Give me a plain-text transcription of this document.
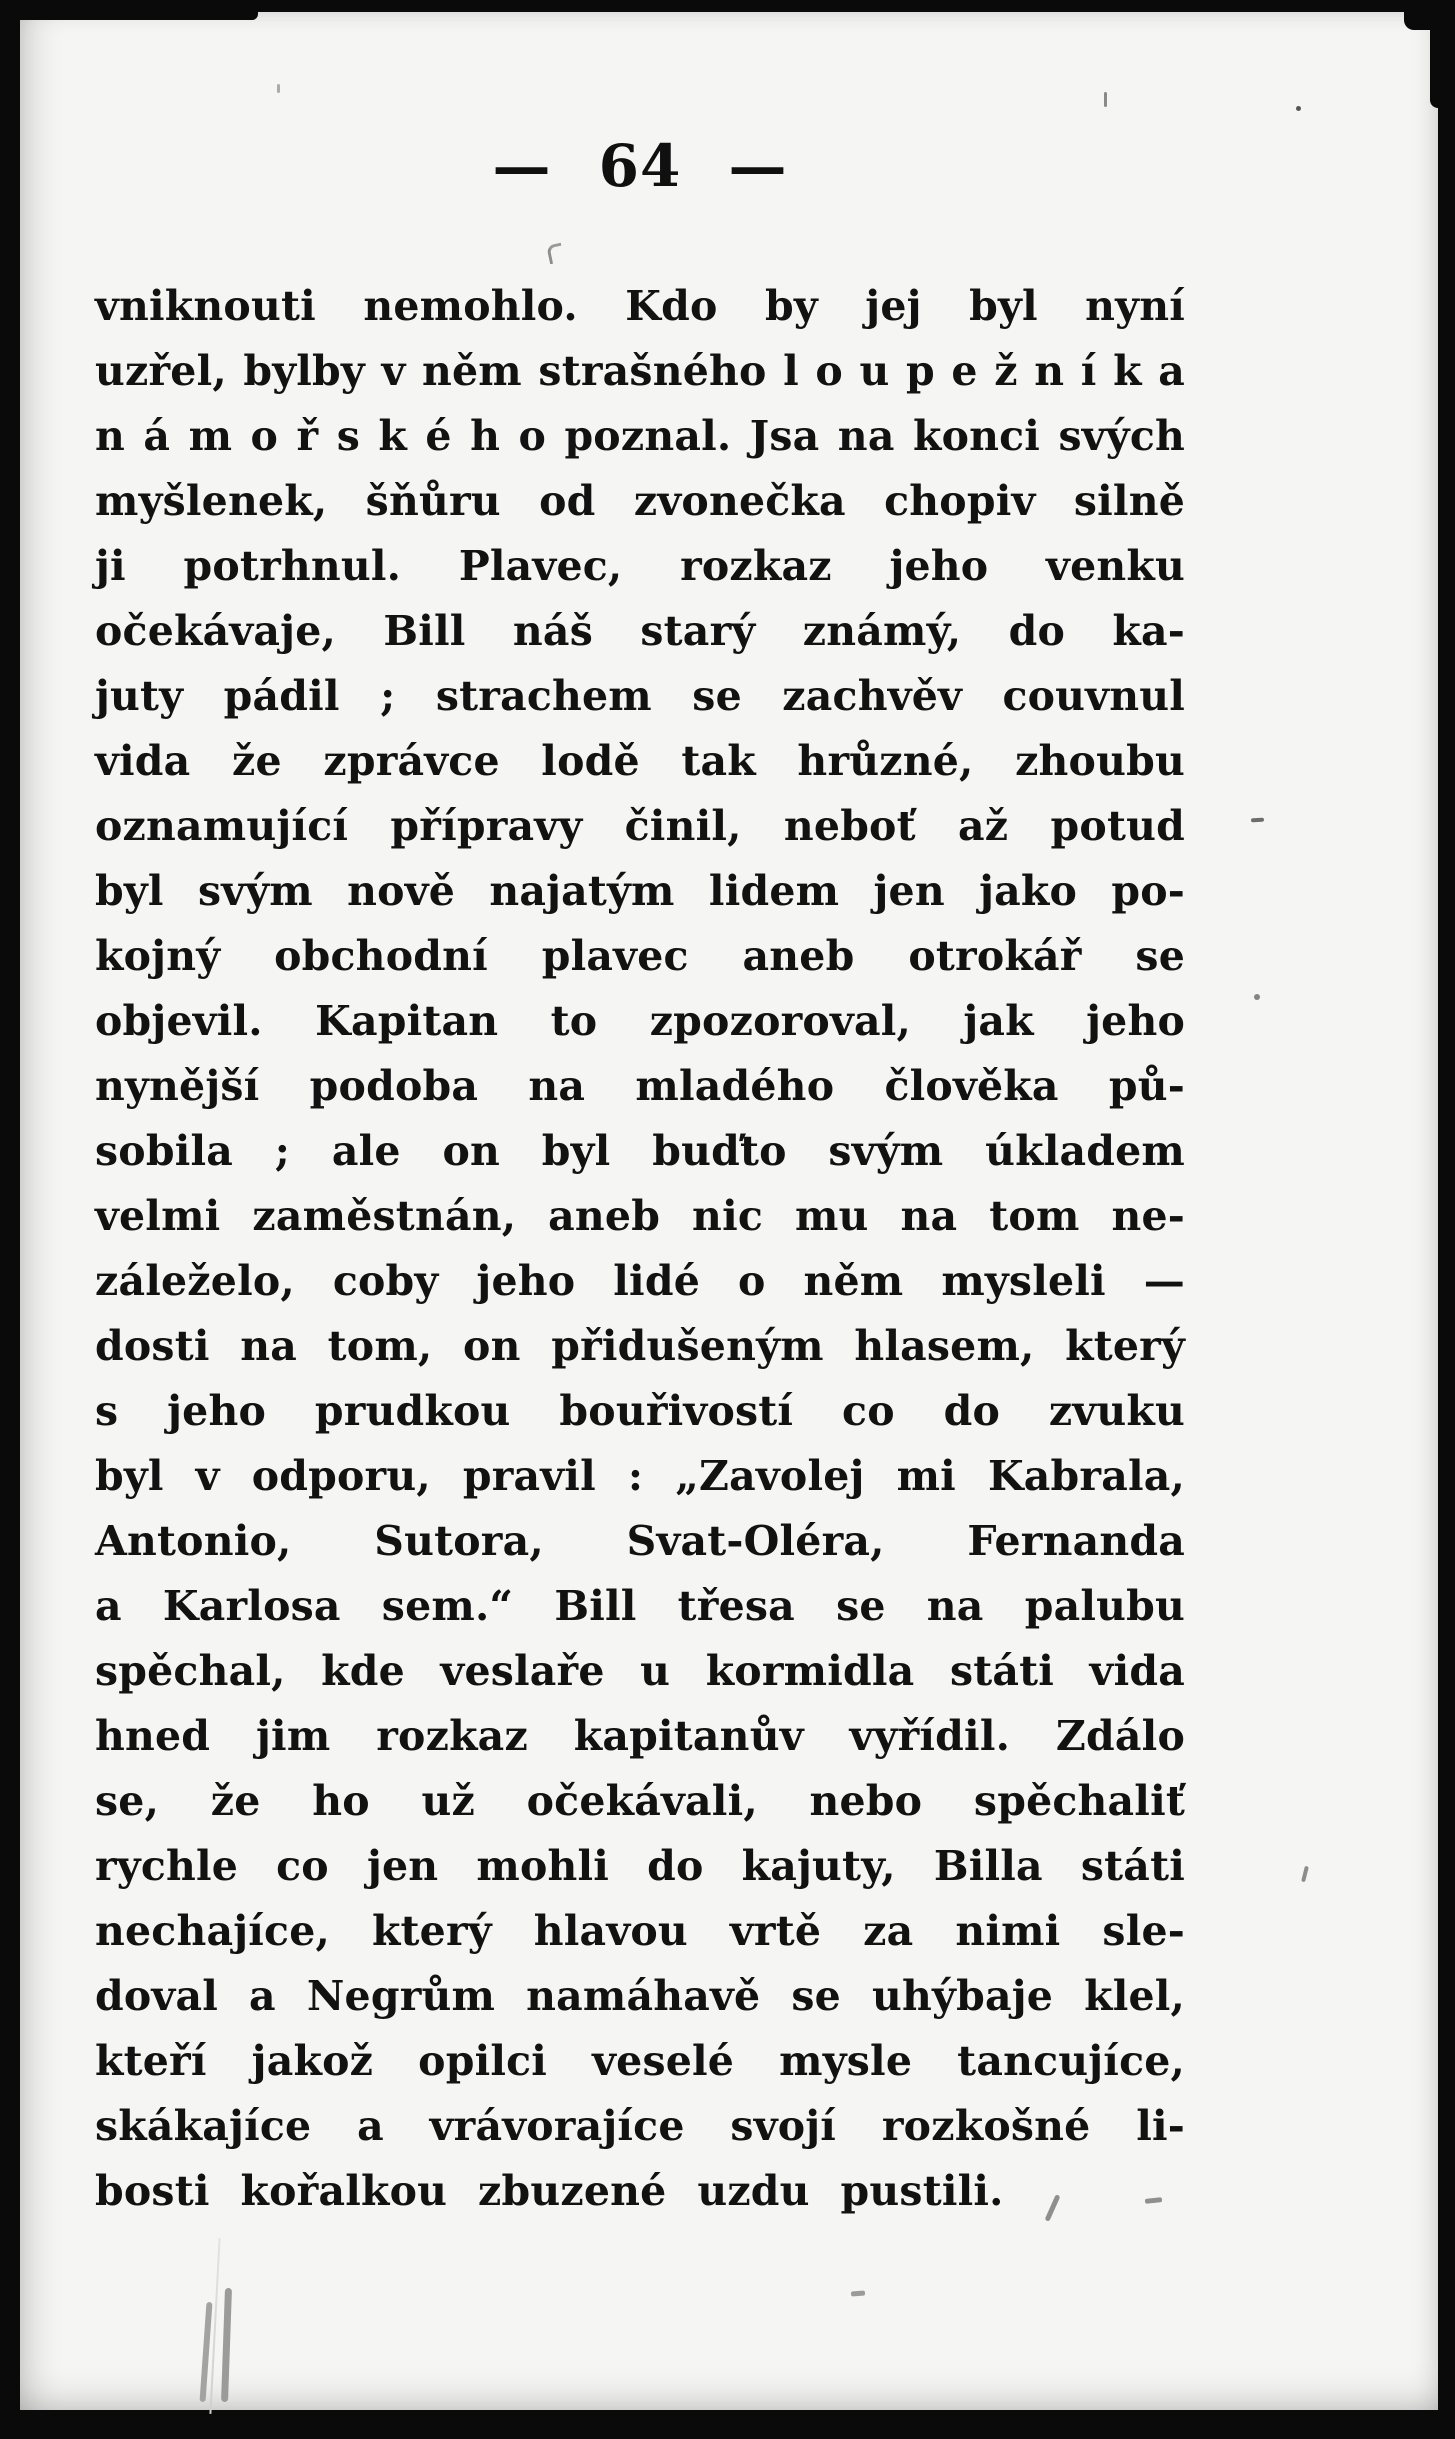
— 64 —
vniknouti nemohlo. Kdo by jej byl nyní
uzřel, bylby v něm strašného l o u p e ž n í k a
n á m o ř s k é h o poznal. Jsa na konci svých
myšlenek, šňůru od zvonečka chopiv silně
ji potrhnul. Plavec, rozkaz jeho venku
očekávaje, Bill náš starý známý, do ka-
juty pádil ; strachem se zachvěv couvnul
vida že zprávce lodě tak hrůzné, zhoubu
oznamující přípravy činil, neboť až potud
byl svým nově najatým lidem jen jako po-
kojný obchodní plavec aneb otrokář se
objevil. Kapitan to zpozoroval, jak jeho
nynější podoba na mladého člověka pů-
sobila ; ale on byl buďto svým úkladem
velmi zaměstnán, aneb nic mu na tom ne-
záleželo, coby jeho lidé o něm mysleli —
dosti na tom, on přidušeným hlasem, který
s jeho prudkou bouřivostí co do zvuku
byl v odporu, pravil : „Zavolej mi Kabrala,
Antonio, Sutora, Svat-Oléra, Fernanda
a Karlosa sem.“ Bill třesa se na palubu
spěchal, kde veslaře u kormidla státi vida
hned jim rozkaz kapitanův vyřídil. Zdálo
se, že ho už očekávali, nebo spěchaliť
rychle co jen mohli do kajuty, Billa státi
nechajíce, který hlavou vrtě za nimi sle-
doval a Negrům namáhavě se uhýbaje klel,
kteří jakož opilci veselé mysle tancujíce,
skákajíce a vrávorajíce svojí rozkošné li-
bosti kořalkou zbuzené uzdu pustili.
